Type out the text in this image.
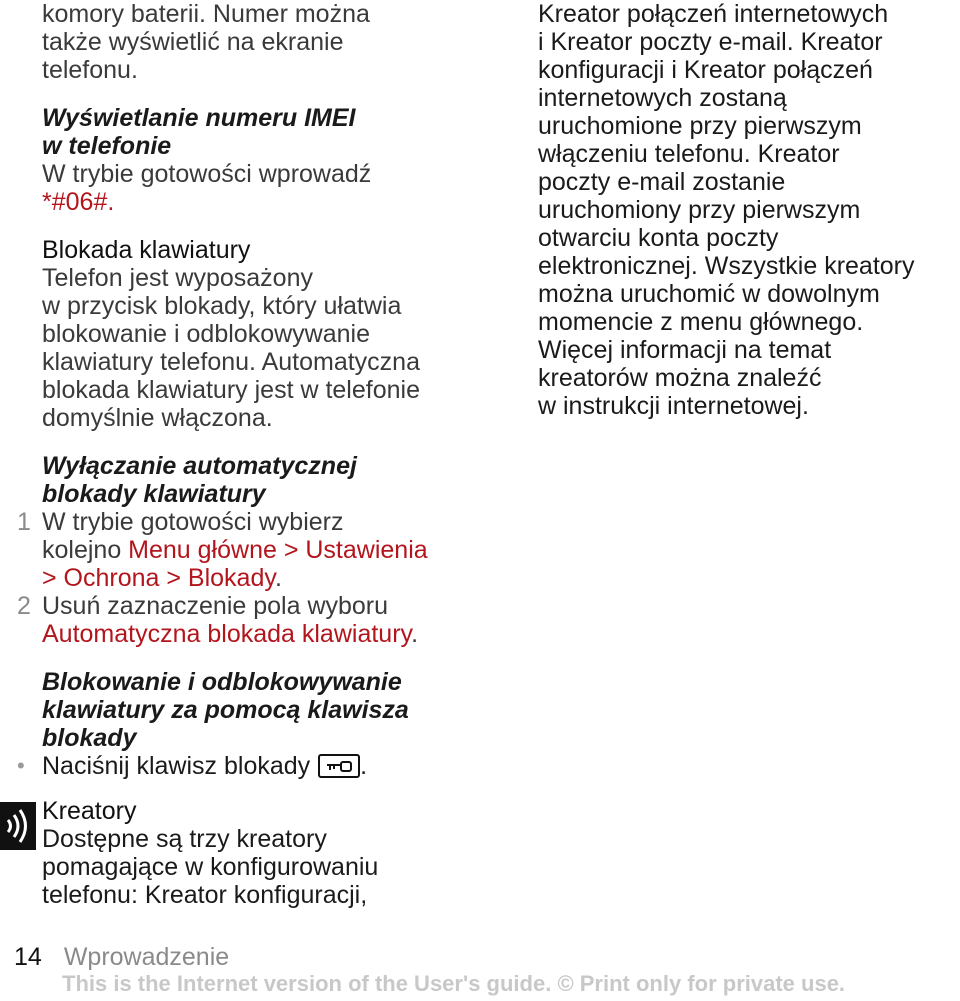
komory baterii. Numer można
także wyświetlić na ekranie
telefonu.
Wyświetlanie numeru IMEI
w telefonie
W trybie gotowości wprowadź
*#06#.
Blokada klawiatury
Telefon jest wyposażony
w przycisk blokady, który ułatwia
blokowanie i odblokowywanie
klawiatury telefonu. Automatyczna
blokada klawiatury jest w telefonie
domyślnie włączona.
Wyłączanie automatycznej
blokady klawiatury
1 W trybie gotowości wybierz
kolejno Menu główne > Ustawienia
> Ochrona > Blokady.
2 Usuń zaznaczenie pola wyboru
Automatyczna blokada klawiatury.
Blokowanie i odblokowywanie
klawiatury za pomocą klawisza
blokady
• Naciśnij klawisz blokady .
Kreatory
Dostępne są trzy kreatory
pomagające w konfigurowaniu
telefonu: Kreator konfiguracji,
Kreator połączeń internetowych
i Kreator poczty e-mail. Kreator
konfiguracji i Kreator połączeń
internetowych zostaną
uruchomione przy pierwszym
włączeniu telefonu. Kreator
poczty e-mail zostanie
uruchomiony przy pierwszym
otwarciu konta poczty
elektronicznej. Wszystkie kreatory
można uruchomić w dowolnym
momencie z menu głównego.
Więcej informacji na temat
kreatorów można znaleźć
w instrukcji internetowej.
14 Wprowadzenie
This is the Internet version of the User's guide. © Print only for private use.
